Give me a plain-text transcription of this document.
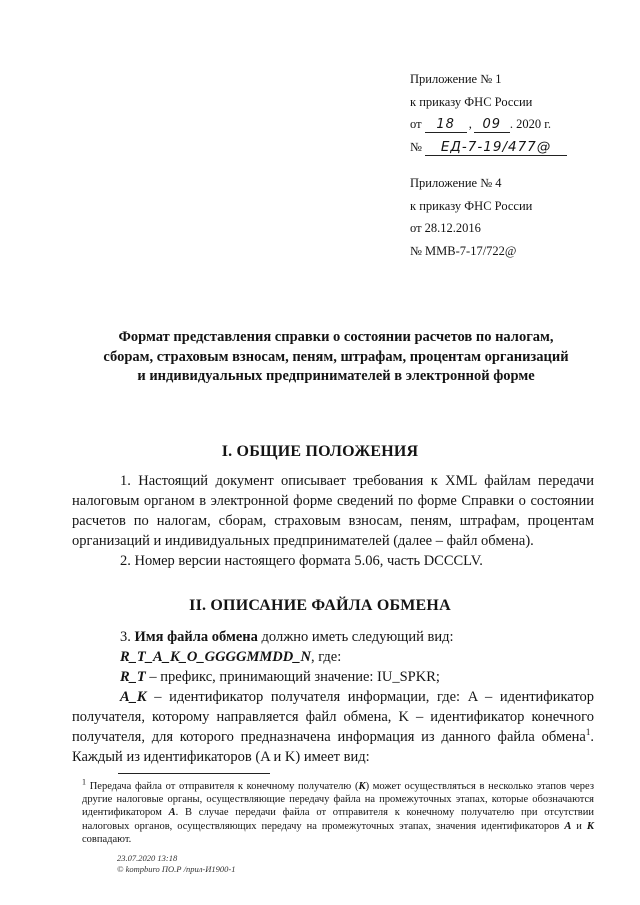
Приложение № 1
к приказу ФНС России
от 18 , 09 . 2020 г.
№ ЕД-7-19/477@
Приложение № 4
к приказу ФНС России
от 28.12.2016
№ ММВ-7-17/722@
Формат представления справки о состоянии расчетов по налогам, сборам, страховым взносам, пеням, штрафам, процентам организаций и индивидуальных предпринимателей в электронной форме
I. ОБЩИЕ ПОЛОЖЕНИЯ

1. Настоящий документ описывает требования к XML файлам передачи налоговым органом в электронной форме сведений по форме Справки о состоянии расчетов по налогам, сборам, страховым взносам, пеням, штрафам, процентам организаций и индивидуальных предпринимателей (далее – файл обмена).

2. Номер версии настоящего формата 5.06, часть DCCCLV.

II. ОПИСАНИЕ ФАЙЛА ОБМЕНА

3. Имя файла обмена должно иметь следующий вид:

R_T_A_K_O_GGGGMMDD_N, где:

R_T – префикс, принимающий значение: IU_SPKR;

A_K – идентификатор получателя информации, где: A – идентификатор получателя, которому направляется файл обмена, K – идентификатор конечного получателя, для которого предназначена информация из данного файла обмена$^1$. Каждый из идентификаторов (A и K) имеет вид:

$^1$ Передача файла от отправителя к конечному получателю (К) может осуществляться в несколько этапов через другие налоговые органы, осуществляющие передачу файла на промежуточных этапах, которые обозначаются идентификатором А. В случае передачи файла от отправителя к конечному получателю при отсутствии налоговых органов, осуществляющих передачу на промежуточных этапах, значения идентификаторов А и К совпадают.
23.07.2020 13:18
© kompburo ПО.Р /прил-И1900-1
